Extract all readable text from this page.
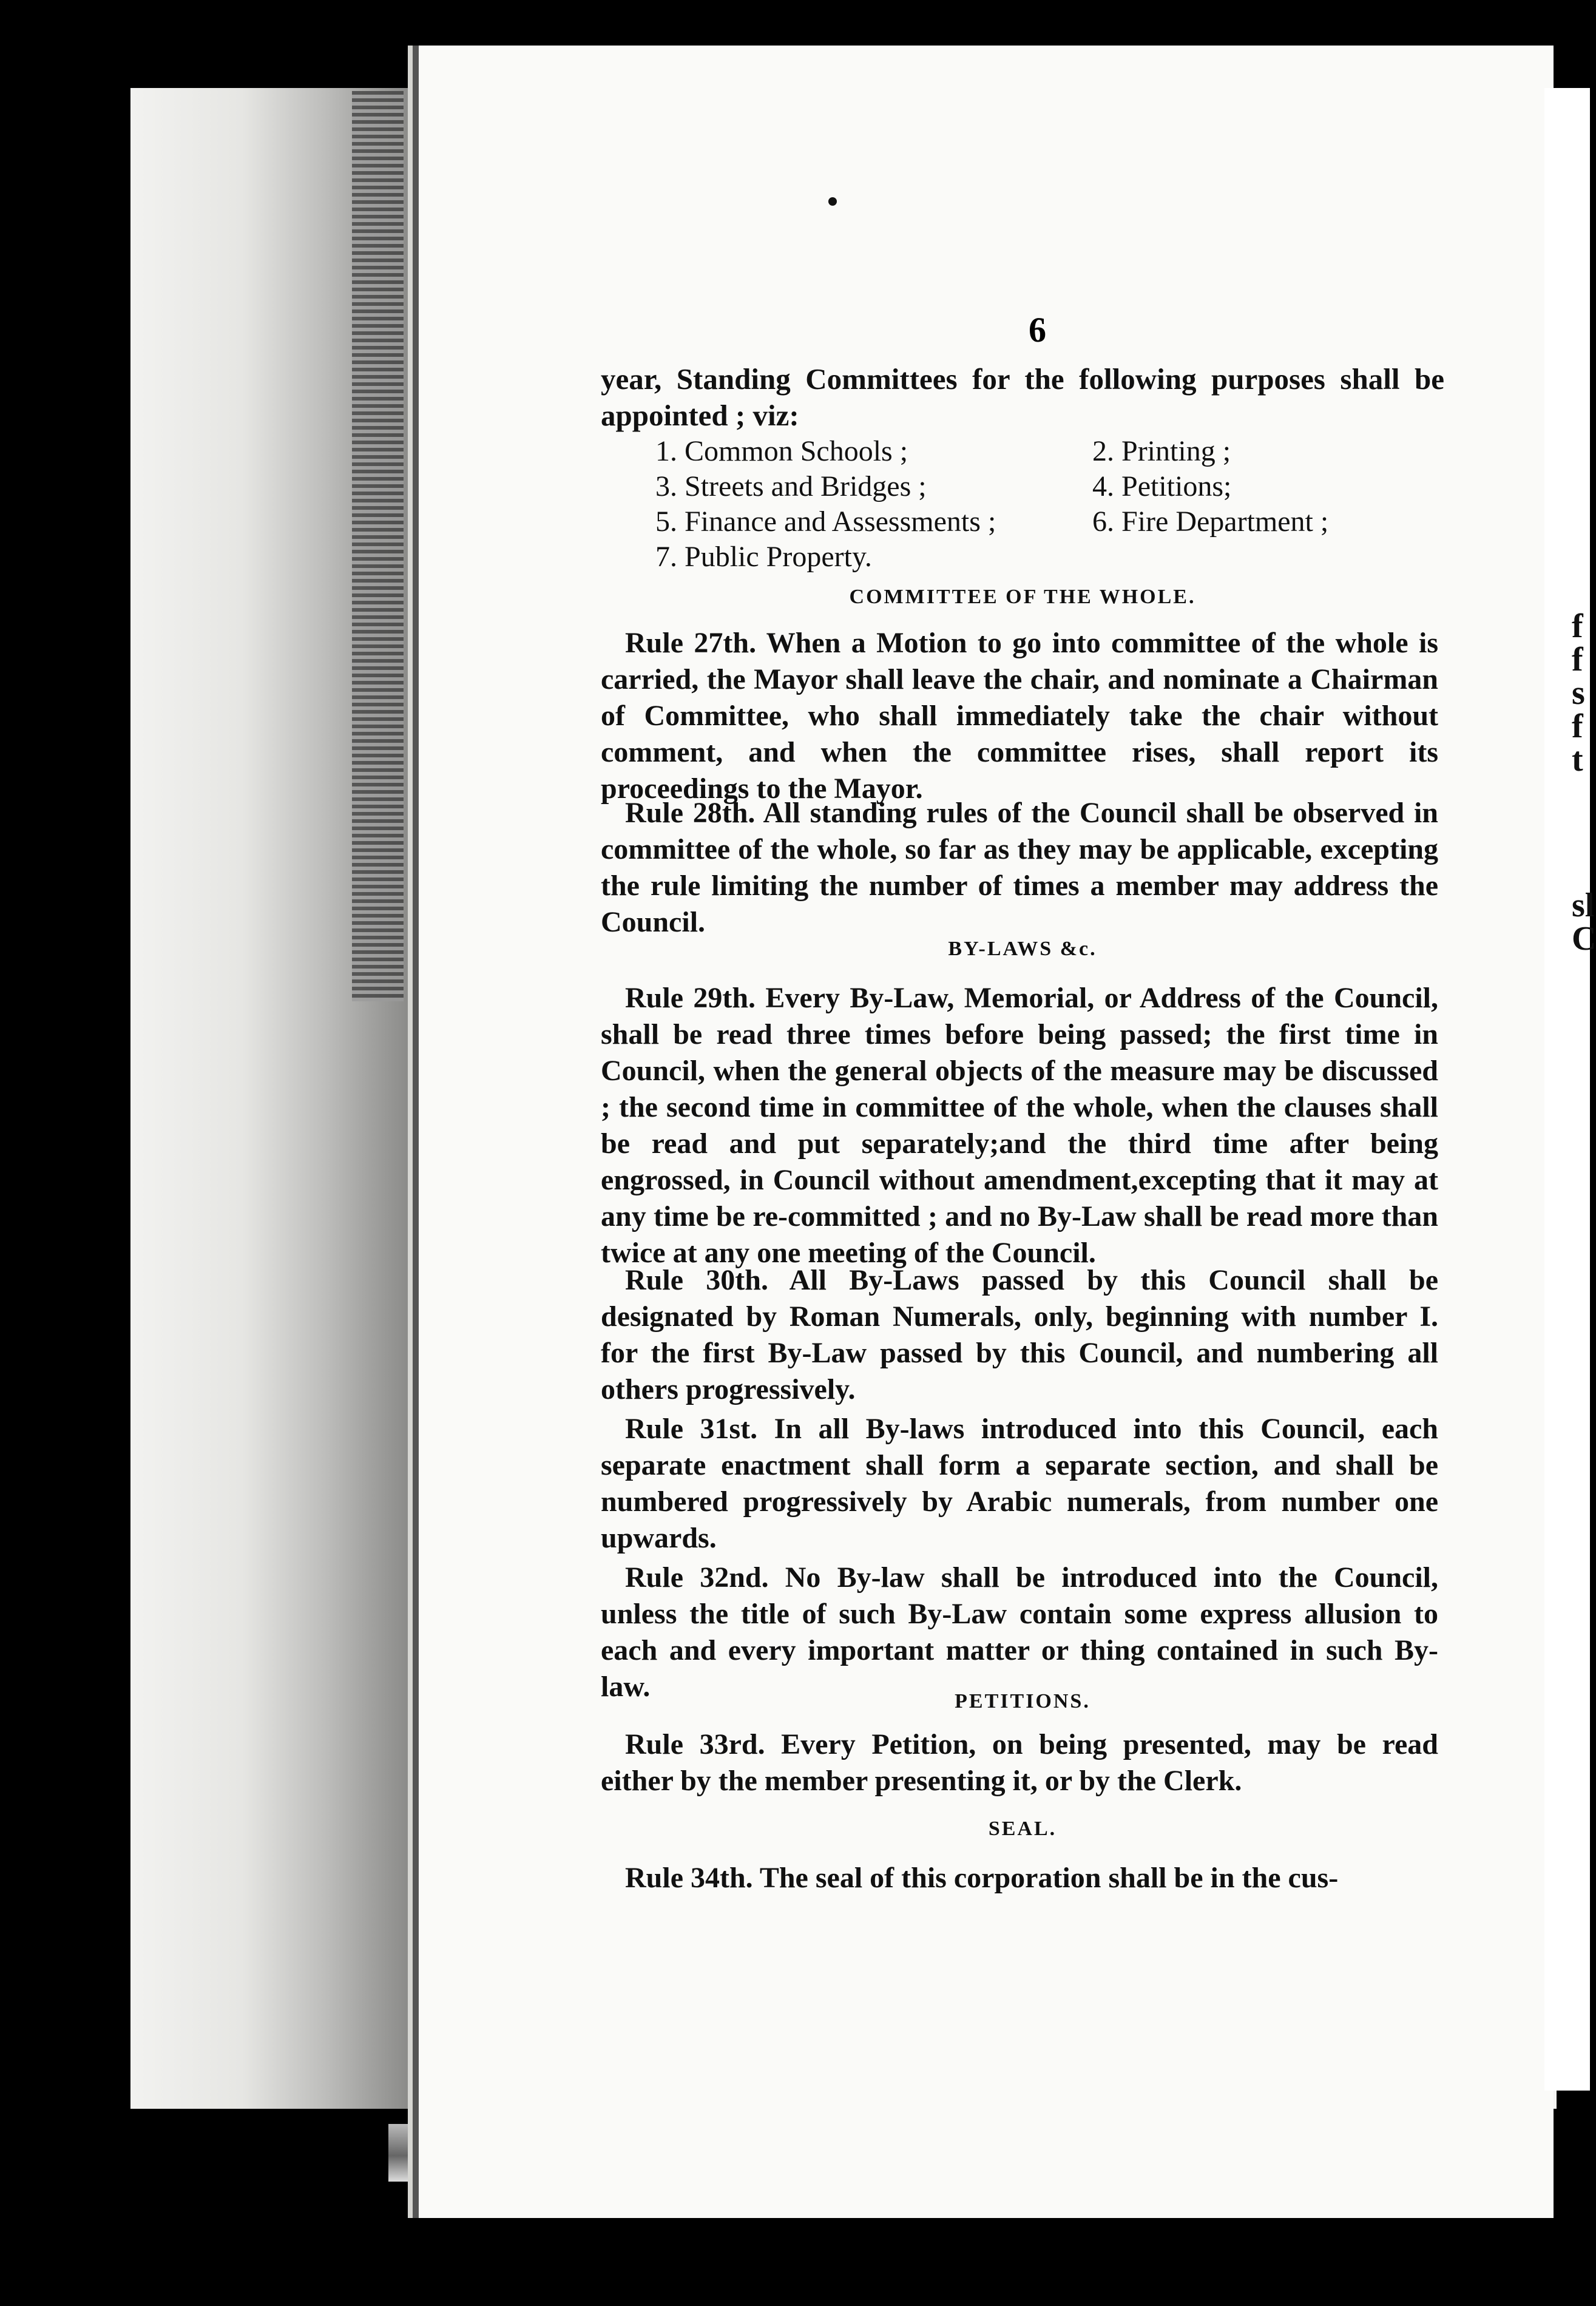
f
f
s
f
t
sl
C
6
year, Standing Committees for the following purposes shall be appointed ; viz:
1. Common Schools ;	2. Printing ;
3. Streets and Bridges ;	4. Petitions;
5. Finance and Assessments ;	6. Fire Department ;
7. Public Property.
COMMITTEE OF THE WHOLE.
Rule 27th. When a Motion to go into committee of the whole is carried, the Mayor shall leave the chair, and nominate a Chairman of Committee, who shall immediately take the chair without comment, and when the committee rises, shall report its proceedings to the Mayor.
Rule 28th. All standing rules of the Council shall be observed in committee of the whole, so far as they may be applicable, excepting the rule limiting the number of times a member may address the Council.
BY-LAWS &c.
Rule 29th. Every By-Law, Memorial, or Address of the Council, shall be read three times before being passed; the first time in Council, when the general objects of the measure may be discussed ; the second time in committee of the whole, when the clauses shall be read and put separately;and the third time after being engrossed, in Council without amendment,excepting that it may at any time be re-committed ; and no By-Law shall be read more than twice at any one meeting of the Council.
Rule 30th. All By-Laws passed by this Council shall be designated by Roman Numerals, only, beginning with number I. for the first By-Law passed by this Council, and numbering all others progressively.
Rule 31st. In all By-laws introduced into this Council, each separate enactment shall form a separate section, and shall be numbered progressively by Arabic numerals, from number one upwards.
Rule 32nd. No By-law shall be introduced into the Council, unless the title of such By-Law contain some express allusion to each and every important matter or thing contained in such By-law.	PETITIONS.
Rule 33rd. Every Petition, on being presented, may be read either by the member presenting it, or by the Clerk.
SEAL.
Rule 34th. The seal of this corporation shall be in the cus-
